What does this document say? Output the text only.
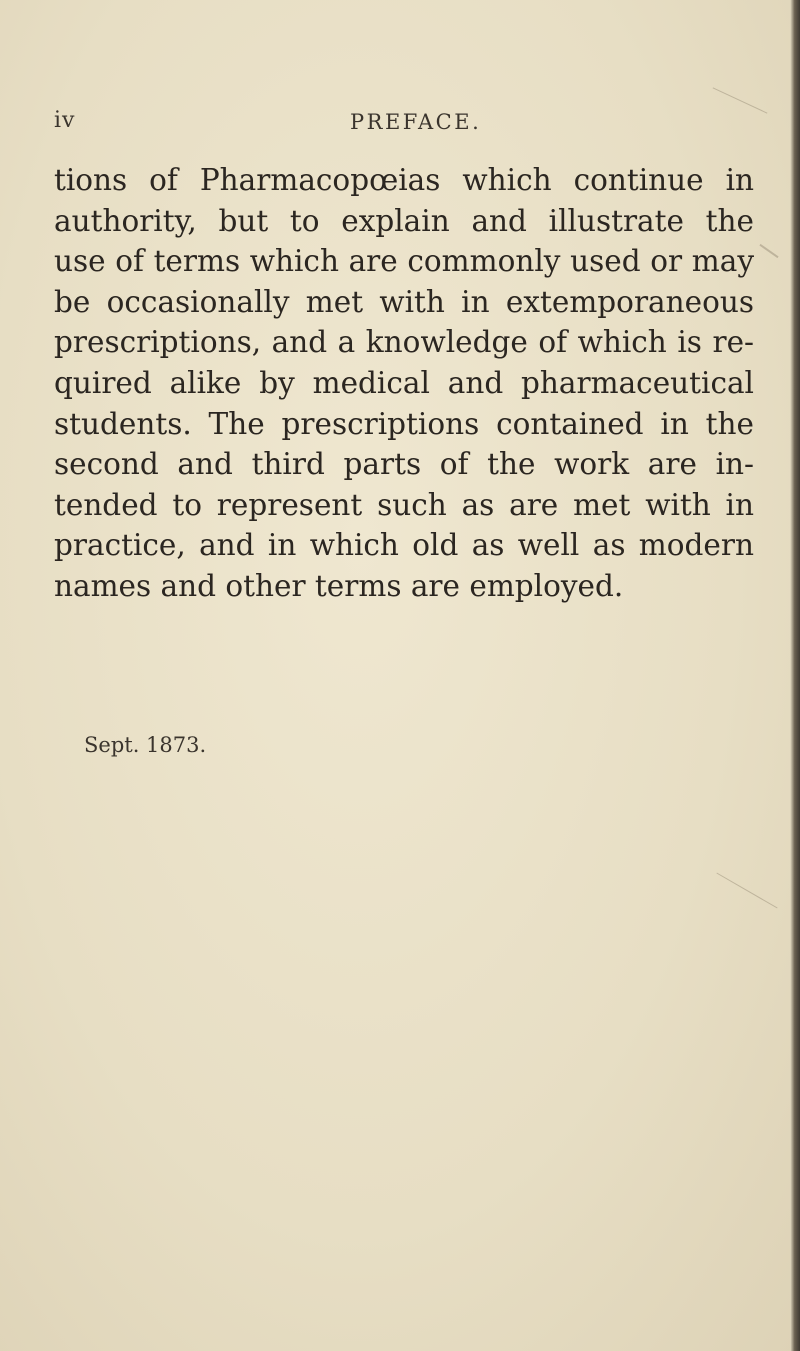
iv	PREFACE.
tions of Pharmacopœias which continue in
authority, but to explain and illustrate the
use of terms which are commonly used or may
be occasionally met with in extemporaneous
prescriptions, and a knowledge of which is re-
quired alike by medical and pharmaceutical
students. The prescriptions contained in the
second and third parts of the work are in-
tended to represent such as are met with in
practice, and in which old as well as modern
names and other terms are employed.
Sept. 1873.
